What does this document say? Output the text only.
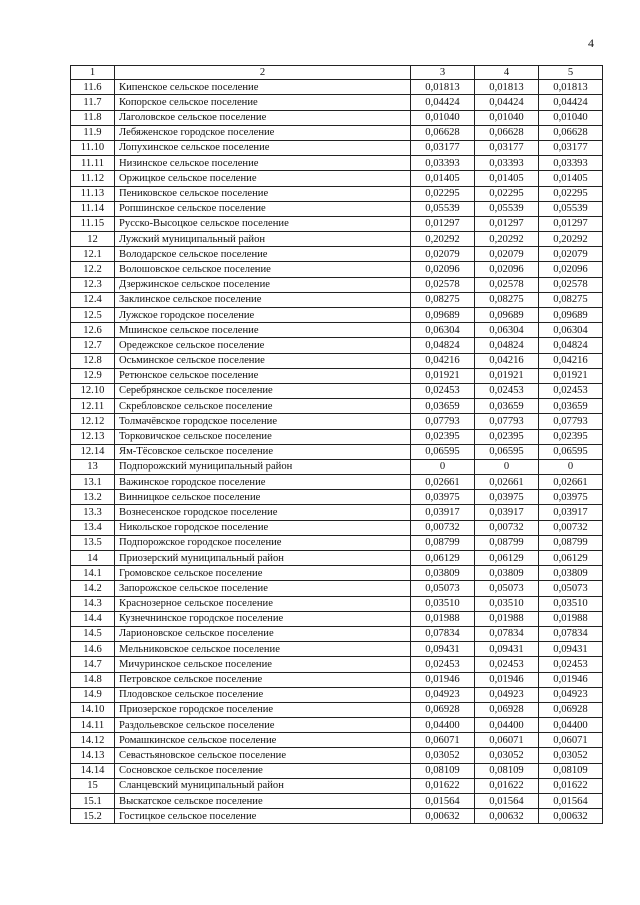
4
1	2	3	4	5
11.6	Кипенское сельское поселение	0,01813	0,01813	0,01813
11.7	Копорское сельское поселение	0,04424	0,04424	0,04424
11.8	Лаголовское сельское поселение	0,01040	0,01040	0,01040
11.9	Лебяженское городское поселение	0,06628	0,06628	0,06628
11.10	Лопухинское сельское поселение	0,03177	0,03177	0,03177
11.11	Низинское сельское поселение	0,03393	0,03393	0,03393
11.12	Оржицкое сельское поселение	0,01405	0,01405	0,01405
11.13	Пениковское сельское поселение	0,02295	0,02295	0,02295
11.14	Ропшинское сельское поселение	0,05539	0,05539	0,05539
11.15	Русско-Высоцкое сельское поселение	0,01297	0,01297	0,01297
12	Лужский муниципальный район	0,20292	0,20292	0,20292
12.1	Володарское сельское поселение	0,02079	0,02079	0,02079
12.2	Волошовское сельское поселение	0,02096	0,02096	0,02096
12.3	Дзержинское сельское поселение	0,02578	0,02578	0,02578
12.4	Заклинское сельское поселение	0,08275	0,08275	0,08275
12.5	Лужское городское поселение	0,09689	0,09689	0,09689
12.6	Мшинское сельское поселение	0,06304	0,06304	0,06304
12.7	Оредежское сельское поселение	0,04824	0,04824	0,04824
12.8	Осьминское сельское поселение	0,04216	0,04216	0,04216
12.9	Ретюнское сельское поселение	0,01921	0,01921	0,01921
12.10	Серебрянское сельское поселение	0,02453	0,02453	0,02453
12.11	Скребловское сельское поселение	0,03659	0,03659	0,03659
12.12	Толмачёвское городское поселение	0,07793	0,07793	0,07793
12.13	Торковичское сельское поселение	0,02395	0,02395	0,02395
12.14	Ям-Тёсовское сельское поселение	0,06595	0,06595	0,06595
13	Подпорожский муниципальный район	0	0	0
13.1	Важинское городское поселение	0,02661	0,02661	0,02661
13.2	Винницкое сельское поселение	0,03975	0,03975	0,03975
13.3	Вознесенское городское поселение	0,03917	0,03917	0,03917
13.4	Никольское городское поселение	0,00732	0,00732	0,00732
13.5	Подпорожское городское поселение	0,08799	0,08799	0,08799
14	Приозерский муниципальный район	0,06129	0,06129	0,06129
14.1	Громовское сельское поселение	0,03809	0,03809	0,03809
14.2	Запорожское сельское поселение	0,05073	0,05073	0,05073
14.3	Краснозерное сельское поселение	0,03510	0,03510	0,03510
14.4	Кузнечнинское городское поселение	0,01988	0,01988	0,01988
14.5	Ларионовское сельское поселение	0,07834	0,07834	0,07834
14.6	Мельниковское сельское поселение	0,09431	0,09431	0,09431
14.7	Мичуринское сельское поселение	0,02453	0,02453	0,02453
14.8	Петровское сельское поселение	0,01946	0,01946	0,01946
14.9	Плодовское сельское поселение	0,04923	0,04923	0,04923
14.10	Приозерское городское поселение	0,06928	0,06928	0,06928
14.11	Раздольевское сельское поселение	0,04400	0,04400	0,04400
14.12	Ромашкинское сельское поселение	0,06071	0,06071	0,06071
14.13	Севастьяновское сельское поселение	0,03052	0,03052	0,03052
14.14	Сосновское сельское поселение	0,08109	0,08109	0,08109
15	Сланцевский муниципальный район	0,01622	0,01622	0,01622
15.1	Выскатское сельское поселение	0,01564	0,01564	0,01564
15.2	Гостицкое сельское поселение	0,00632	0,00632	0,00632
